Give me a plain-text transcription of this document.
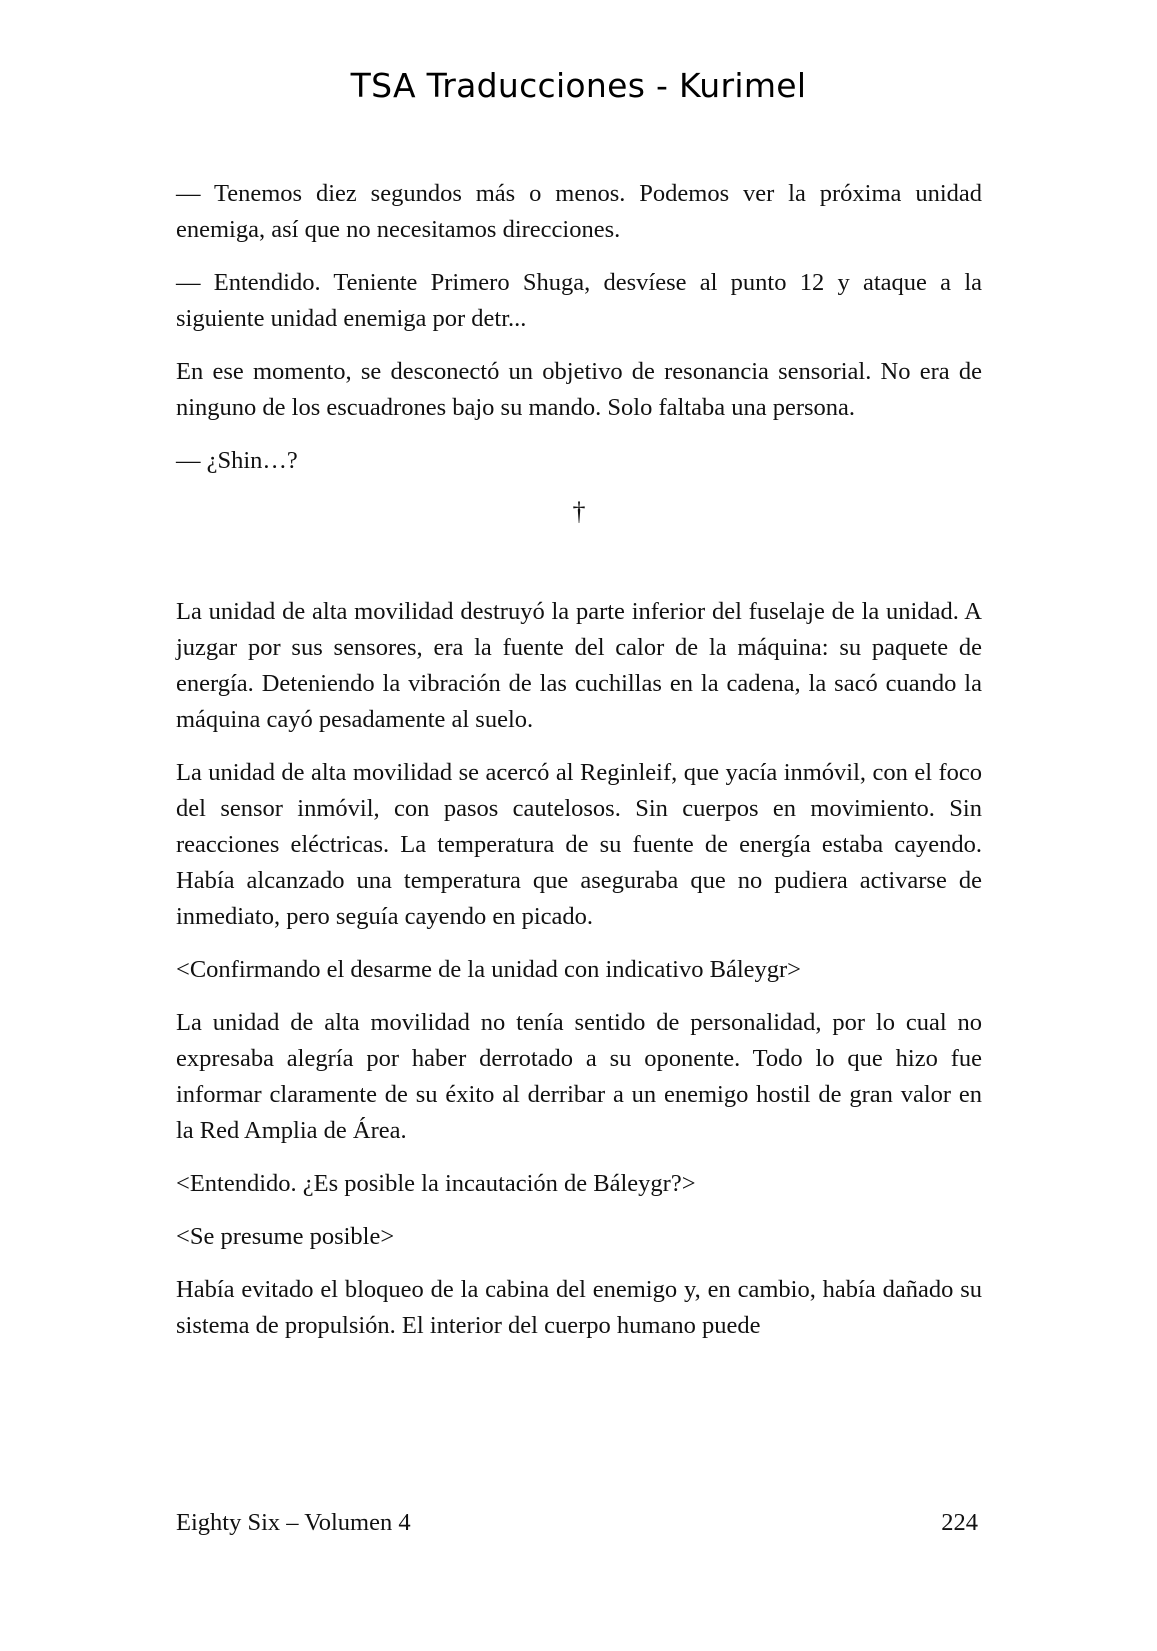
TSA Traducciones - Kurimel

— Tenemos diez segundos más o menos. Podemos ver la próxima unidad enemiga, así que no necesitamos direcciones.

— Entendido. Teniente Primero Shuga, desvíese al punto 12 y ataque a la siguiente unidad enemiga por detr...

En ese momento, se desconectó un objetivo de resonancia sensorial. No era de ninguno de los escuadrones bajo su mando. Solo faltaba una persona.

— ¿Shin…?

†

La unidad de alta movilidad destruyó la parte inferior del fuselaje de la unidad. A juzgar por sus sensores, era la fuente del calor de la máquina: su paquete de energía. Deteniendo la vibración de las cuchillas en la cadena, la sacó cuando la máquina cayó pesadamente al suelo.

La unidad de alta movilidad se acercó al Reginleif, que yacía inmóvil, con el foco del sensor inmóvil, con pasos cautelosos. Sin cuerpos en movimiento. Sin reacciones eléctricas. La temperatura de su fuente de energía estaba cayendo. Había alcanzado una temperatura que aseguraba que no pudiera activarse de inmediato, pero seguía cayendo en picado.

<Confirmando el desarme de la unidad con indicativo Báleygr>

La unidad de alta movilidad no tenía sentido de personalidad, por lo cual no expresaba alegría por haber derrotado a su oponente. Todo lo que hizo fue informar claramente de su éxito al derribar a un enemigo hostil de gran valor en la Red Amplia de Área.

<Entendido. ¿Es posible la incautación de Báleygr?>

<Se presume posible>

Había evitado el bloqueo de la cabina del enemigo y, en cambio, había dañado su sistema de propulsión. El interior del cuerpo humano puede

Eighty Six – Volumen 4	224
